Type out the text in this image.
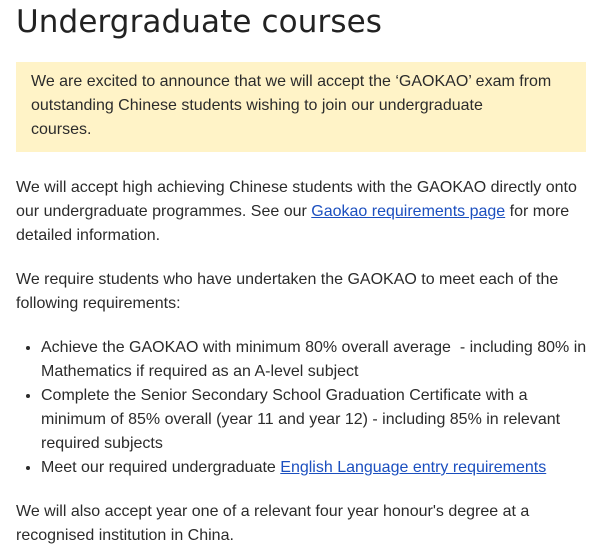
Undergraduate courses
We are excited to announce that we will accept the ‘GAOKAO’ exam from
outstanding Chinese students wishing to join our undergraduate
courses.

We will accept high achieving Chinese students with the GAOKAO directly onto
our undergraduate programmes. See our Gaokao requirements page for more
detailed information.

We require students who have undertaken the GAOKAO to meet each of the
following requirements:

• Achieve the GAOKAO with minimum 80% overall average  - including 80% in
Mathematics if required as an A-level subject
• Complete the Senior Secondary School Graduation Certificate with a
minimum of 85% overall (year 11 and year 12) - including 85% in relevant
required subjects
• Meet our required undergraduate English Language entry requirements

We will also accept year one of a relevant four year honour's degree at a
recognised institution in China.
